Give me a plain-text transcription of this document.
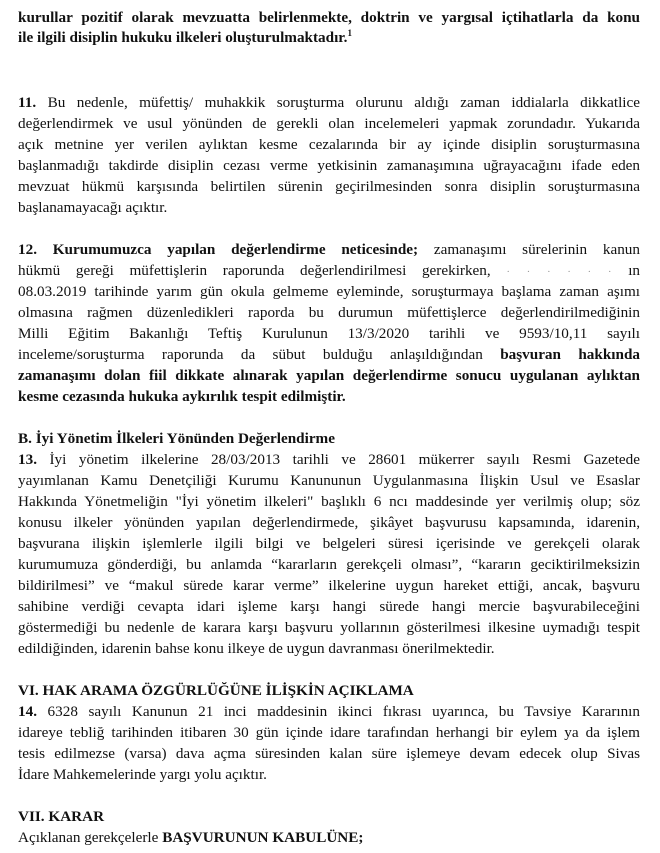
kurullar pozitif olarak mevzuatta belirlenmekte, doktrin ve yargısal içtihatlarla da konu
ile ilgili disiplin hukuku ilkeleri oluşturulmaktadır.$^1$
11. Bu nedenle, müfettiş/ muhakkik soruşturma olurunu aldığı zaman iddialarla dikkatlice
değerlendirmek ve usul yönünden de gerekli olan incelemeleri yapmak zorundadır. Yukarıda
açık metnine yer verilen aylıktan kesme cezalarında bir ay içinde disiplin soruşturmasına
başlanmadığı takdirde disiplin cezası verme yetkisinin zamanaşımına uğrayacağını ifade eden
mevzuat hükmü karşısında belirtilen sürenin geçirilmesinden sonra disiplin soruşturmasına
başlanamayacağı açıktır.
12. Kurumumuzca yapılan değerlendirme neticesinde; zamanaşımı sürelerinin kanun
hükmü gereği müfettişlerin raporunda değerlendirilmesi gerekirken, · · · · · · ın
08.03.2019 tarihinde yarım gün okula gelmeme eyleminde, soruşturmaya başlama zaman aşımı
olmasına rağmen düzenledikleri raporda bu durumun müfettişlerce değerlendirilmediğinin
Milli Eğitim Bakanlığı Teftiş Kurulunun 13/3/2020 tarihli ve 9593/10,11 sayılı
inceleme/soruşturma raporunda da sübut bulduğu anlaşıldığından başvuran hakkında
zamanaşımı dolan fiil dikkate alınarak yapılan değerlendirme sonucu uygulanan aylıktan
kesme cezasında hukuka aykırılık tespit edilmiştir.
B. İyi Yönetim İlkeleri Yönünden Değerlendirme
13. İyi yönetim ilkelerine 28/03/2013 tarihli ve 28601 mükerrer sayılı Resmi Gazetede
yayımlanan Kamu Denetçiliği Kurumu Kanununun Uygulanmasına İlişkin Usul ve Esaslar
Hakkında Yönetmeliğin "İyi yönetim ilkeleri" başlıklı 6 ncı maddesinde yer verilmiş olup; söz
konusu ilkeler yönünden yapılan değerlendirmede, şikâyet başvurusu kapsamında, idarenin,
başvurana ilişkin işlemlerle ilgili bilgi ve belgeleri süresi içerisinde ve gerekçeli olarak
kurumumuza gönderdiği, bu anlamda “kararların gerekçeli olması”, “kararın geciktirilmeksizin
bildirilmesi” ve “makul sürede karar verme” ilkelerine uygun hareket ettiği, ancak, başvuru
sahibine verdiği cevapta idari işleme karşı hangi sürede hangi mercie başvurabileceğini
göstermediği bu nedenle de karara karşı başvuru yollarının gösterilmesi ilkesine uymadığı tespit
edildiğinden, idarenin bahse konu ilkeye de uygun davranması önerilmektedir.
VI. HAK ARAMA ÖZGÜRLÜĞÜNE İLİŞKİN AÇIKLAMA
14. 6328 sayılı Kanunun 21 inci maddesinin ikinci fıkrası uyarınca, bu Tavsiye Kararının
idareye tebliğ tarihinden itibaren 30 gün içinde idare tarafından herhangi bir eylem ya da işlem
tesis edilmezse (varsa) dava açma süresinden kalan süre işlemeye devam edecek olup Sivas
İdare Mahkemelerinde yargı yolu açıktır.
VII. KARAR
Açıklanan gerekçelerle BAŞVURUNUN KABULÜNE;
